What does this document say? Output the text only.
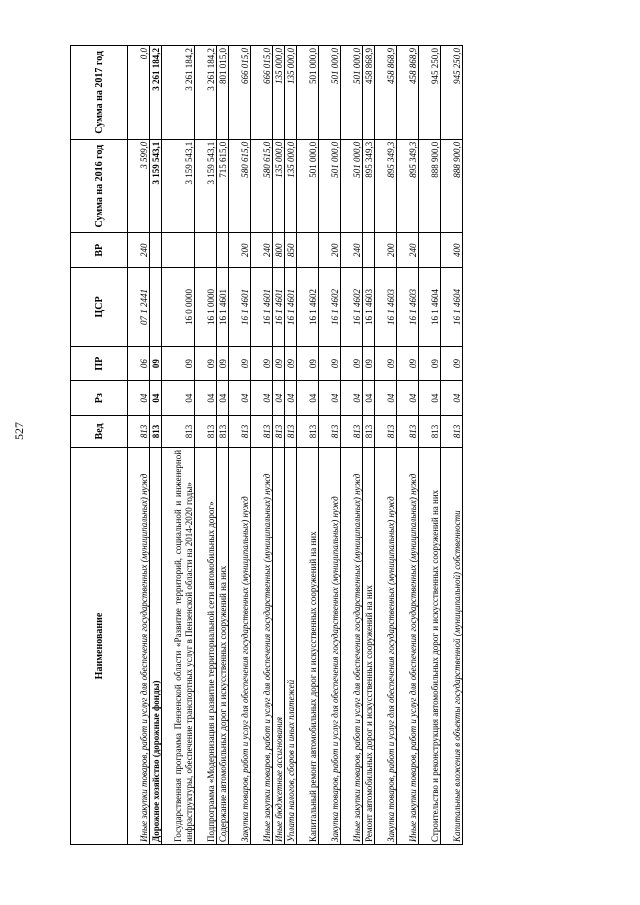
527
Наименование	Вед	Рз	ПР	ЦСР	ВР	Сумма на 2016 год	Сумма на 2017 год
Иные закупки товаров, работ и услуг для обеспечения государственных (муниципальных) нужд	813	04	06	07 1 2441	240	3 599,0	0,0
Дорожное хозяйство (дорожные фонды)	813	04	09			3 159 543,1	3 261 184,2
Государственная программа Пензенской области «Развитие территорий, социальной и инженерной инфраструктуры, обеспечение транспортных услуг в Пензенской области на 2014-2020 годы»	813	04	09	16 0 0000		3 159 543,1	3 261 184,2
Подпрограмма «Модернизация и развитие территориальной сети автомобильных дорог»	813	04	09	16 1 0000		3 159 543,1	3 261 184,2
Содержание автомобильных дорог и искусственных сооружений на них	813	04	09	16 1 4601		715 615,0	801 015,0
Закупка товаров, работ и услуг для обеспечения государственных (муниципальных) нужд	813	04	09	16 1 4601	200	580 615,0	666 015,0
Иные закупки товаров, работ и услуг для обеспечения государственных (муниципальных) нужд	813	04	09	16 1 4601	240	580 615,0	666 015,0
Иные бюджетные ассигнования	813	04	09	16 1 4601	800	135 000,0	135 000,0
Уплата налогов, сборов и иных платежей	813	04	09	16 1 4601	850	135 000,0	135 000,0
Капитальный ремонт автомобильных дорог и искусственных сооружений на них	813	04	09	16 1 4602		501 000,0	501 000,0
Закупка товаров, работ и услуг для обеспечения государственных (муниципальных) нужд	813	04	09	16 1 4602	200	501 000,0	501 000,0
Иные закупки товаров, работ и услуг для обеспечения государственных (муниципальных) нужд	813	04	09	16 1 4602	240	501 000,0	501 000,0
Ремонт автомобильных дорог и искусственных сооружений на них	813	04	09	16 1 4603		895 349,3	458 868,9
Закупка товаров, работ и услуг для обеспечения государственных (муниципальных) нужд	813	04	09	16 1 4603	200	895 349,3	458 868,9
Иные закупки товаров, работ и услуг для обеспечения государственных (муниципальных) нужд	813	04	09	16 1 4603	240	895 349,3	458 868,9
Строительство и реконструкция автомобильных дорог и искусственных сооружений на них	813	04	09	16 1 4604		888 900,0	945 250,0
Капитальные вложения в объекты государственной (муниципальной) собственности	813	04	09	16 1 4604	400	888 900,0	945 250,0
